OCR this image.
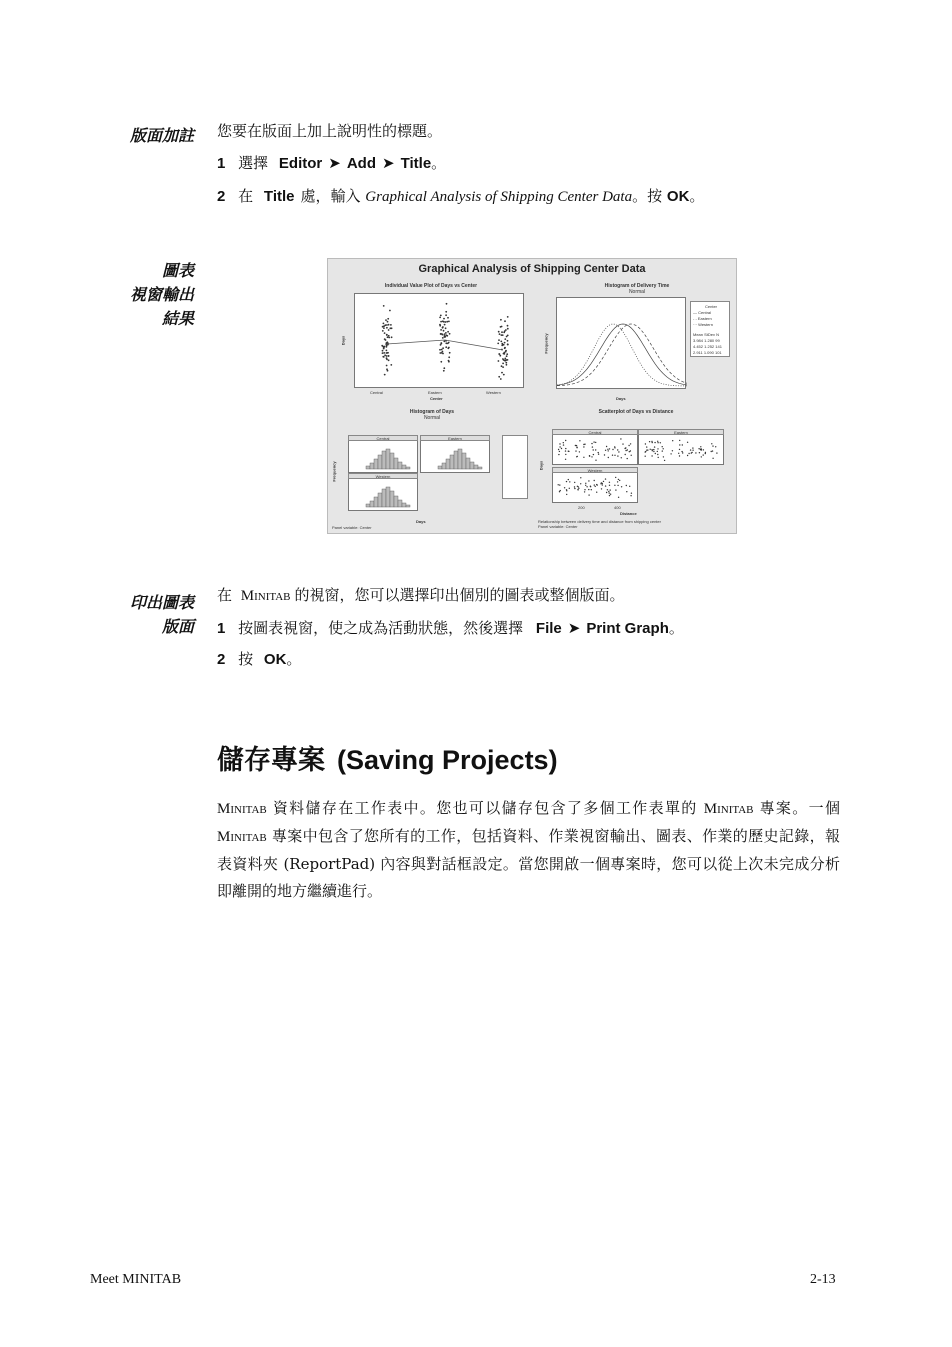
版面加註 您要在版面上加上說明性的標題。
1 選擇 Editor ➤ Add ➤ Title。
2 在 Title 處，輸入 Graphical Analysis of Shipping Center Data。按 OK。
圖表
視窗輸出
結果
Graphical Analysis of Shipping Center Data
Individual Value Plot of Days vs Center
Central	Eastern	Western
Center
Days
Histogram of Delivery Time
Normal
Center
— Central
- - Eastern
··· Western
Mean StDev N
3.984 1.280 99
4.452 1.252 141
2.911 1.090 101
Days
Frequency
Histogram of Days
Normal
Central	Eastern
Western
Days
Frequency
Panel variable: Center
Scatterplot of Days vs Distance
Central	Eastern
Western
200	400
Distance
Days
Relationship between delivery time and distance from shipping center
Panel variable: Center
印出圖表
版面
在 Minitab 的視窗，您可以選擇印出個別的圖表或整個版面。
1 按圖表視窗，使之成為活動狀態，然後選擇 File ➤ Print Graph。
2 按 OK。
儲存專案 (Saving Projects)
Minitab 資料儲存在工作表中。您也可以儲存包含了多個工作表單的 Minitab 專案。一個 Minitab 專案中包含了您所有的工作，包括資料、作業視窗輸出、圖表、作業的歷史記錄，報表資料夾 (ReportPad) 內容與對話框設定。當您開啟一個專案時，您可以從上次未完成分析即離開的地方繼續進行。
Meet MINITAB	2-13
